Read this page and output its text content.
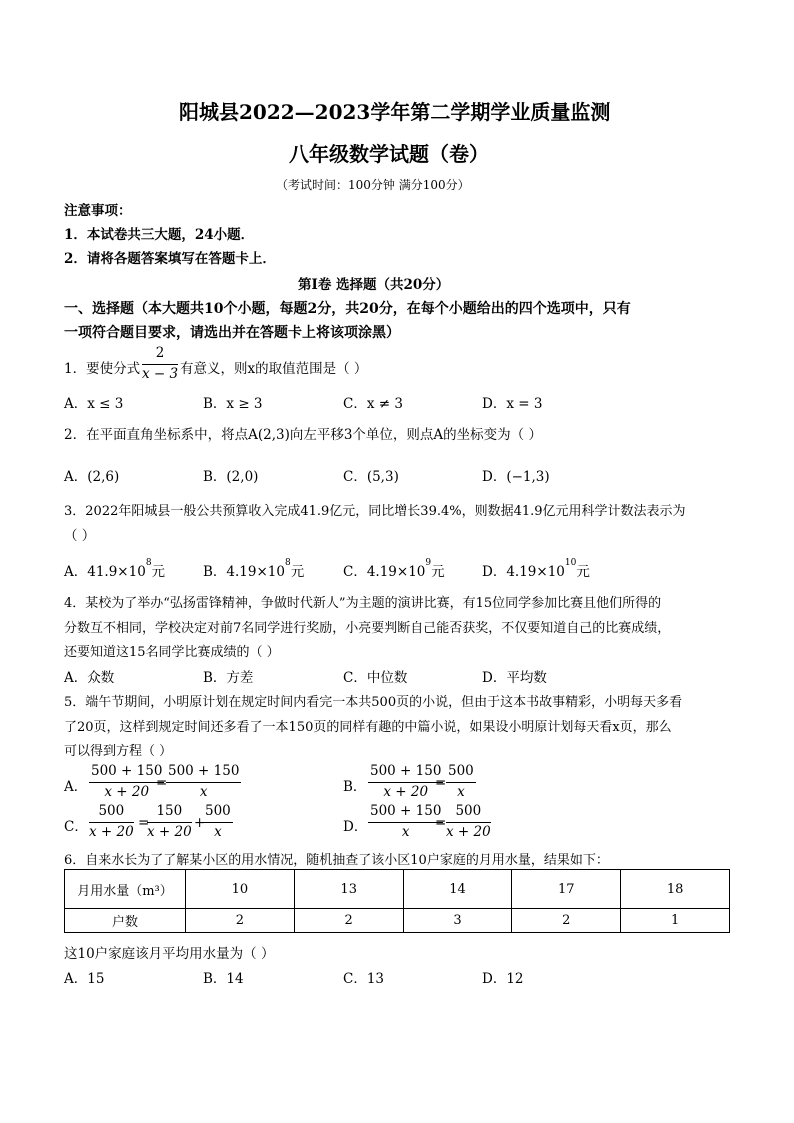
阳城县2022—2023学年第二学期学业质量监测
八年级数学试题（卷）
（考试时间：100分钟 满分100分）
注意事项：
1．本试卷共三大题，24小题．
2．请将各题答案填写在答题卡上．
第Ⅰ卷 选择题（共20分）
一、选择题（本大题共10个小题，每题2分，共20分，在每个小题给出的四个选项中，只有
一项符合题目要求，请选出并在答题卡上将该项涂黑）
1．要使分式 $\frac{2}{x - 3}$ 有意义，则x的取值范围是（ ）
A．x ≤ 3	B．x ≥ 3	C．x ≠ 3	D．x = 3
2．在平面直角坐标系中，将点A(2,3)向左平移3个单位，则点A的坐标变为（ ）
A．(2,6)	B．(2,0)	C．(5,3)	D．(−1,3)
3．2022年阳城县一般公共预算收入完成41.9亿元，同比增长39.4%，则数据41.9亿元用科学计数法表示为
（ ）
A．$41.9\times 10^8$元	B．$4.19\times 10^8$元	C．$4.19\times 10^9$元	D．$4.19\times 10^{10}$元
4．某校为了举办“弘扬雷锋精神，争做时代新人”为主题的演讲比赛，有15位同学参加比赛且他们所得的
分数互不相同，学校决定对前7名同学进行奖励，小亮要判断自己能否获奖，不仅要知道自己的比赛成绩，
还要知道这15名同学比赛成绩的（ ）
A．众数	B．方差	C．中位数	D．平均数
5．端午节期间，小明原计划在规定时间内看完一本共500页的小说，但由于这本书故事精彩，小明每天多看
了20页，这样到规定时间还多看了一本150页的同样有趣的中篇小说，如果设小明原计划每天看x页，那么
可以得到方程（ ）
A． $\frac{500 + 150}{x + 20}$
=
$\frac{500 + 150}{x}$	B． $\frac{500 + 150}{x + 20}$
= $\frac{500}{x}$
C． $\frac{500}{x + 20}$ =
$\frac{150}{x + 20}$ +
$\frac{500}{x}$	D． $\frac{500 + 150}{x}$
= $\frac{500}{x + 20}$
6．自来水长为了了解某小区的用水情况，随机抽查了该小区10户家庭的月用水量，结果如下：
月用水量（m³）	10	13	14	17	18
户数	2	2	3	2	1
这10户家庭该月平均用水量为（ ）
A．15	B．14	C．13	D．12
